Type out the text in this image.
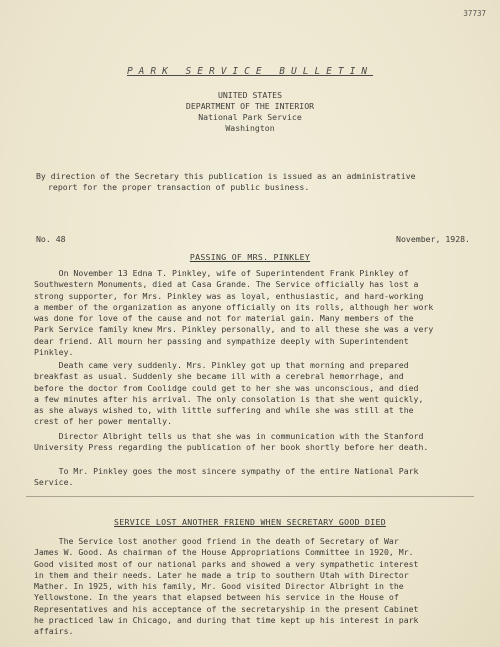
37737
PARK SERVICE BULLETIN
UNITED STATES
DEPARTMENT OF THE INTERIOR
National Park Service
Washington
By direction of the Secretary this publication is issued as an administrative
report for the proper transaction of public business.
No. 48	November, 1928.
PASSING OF MRS. PINKLEY
On November 13 Edna T. Pinkley, wife of Superintendent Frank Pinkley of
Southwestern Monuments, died at Casa Grande. The Service officially has lost a
strong supporter, for Mrs. Pinkley was as loyal, enthusiastic, and hard-working
a member of the organization as anyone officially on its rolls, although her work
was done for love of the cause and not for material gain. Many members of the
Park Service family knew Mrs. Pinkley personally, and to all these she was a very
dear friend. All mourn her passing and sympathize deeply with Superintendent
Pinkley.
Death came very suddenly. Mrs. Pinkley got up that morning and prepared
breakfast as usual. Suddenly she became ill with a cerebral hemorrhage, and
before the doctor from Coolidge could get to her she was unconscious, and died
a few minutes after his arrival. The only consolation is that she went quickly,
as she always wished to, with little suffering and while she was still at the
crest of her power mentally.
Director Albright tells us that she was in communication with the Stanford
University Press regarding the publication of her book shortly before her death.
To Mr. Pinkley goes the most sincere sympathy of the entire National Park
Service.
SERVICE LOST ANOTHER FRIEND WHEN SECRETARY GOOD DIED
The Service lost another good friend in the death of Secretary of War
James W. Good. As chairman of the House Appropriations Committee in 1920, Mr.
Good visited most of our national parks and showed a very sympathetic interest
in them and their needs. Later he made a trip to southern Utah with Director
Mather. In 1925, with his family, Mr. Good visited Director Albright in the
Yellowstone. In the years that elapsed between his service in the House of
Representatives and his acceptance of the secretaryship in the present Cabinet
he practiced law in Chicago, and during that time kept up his interest in park
affairs.
